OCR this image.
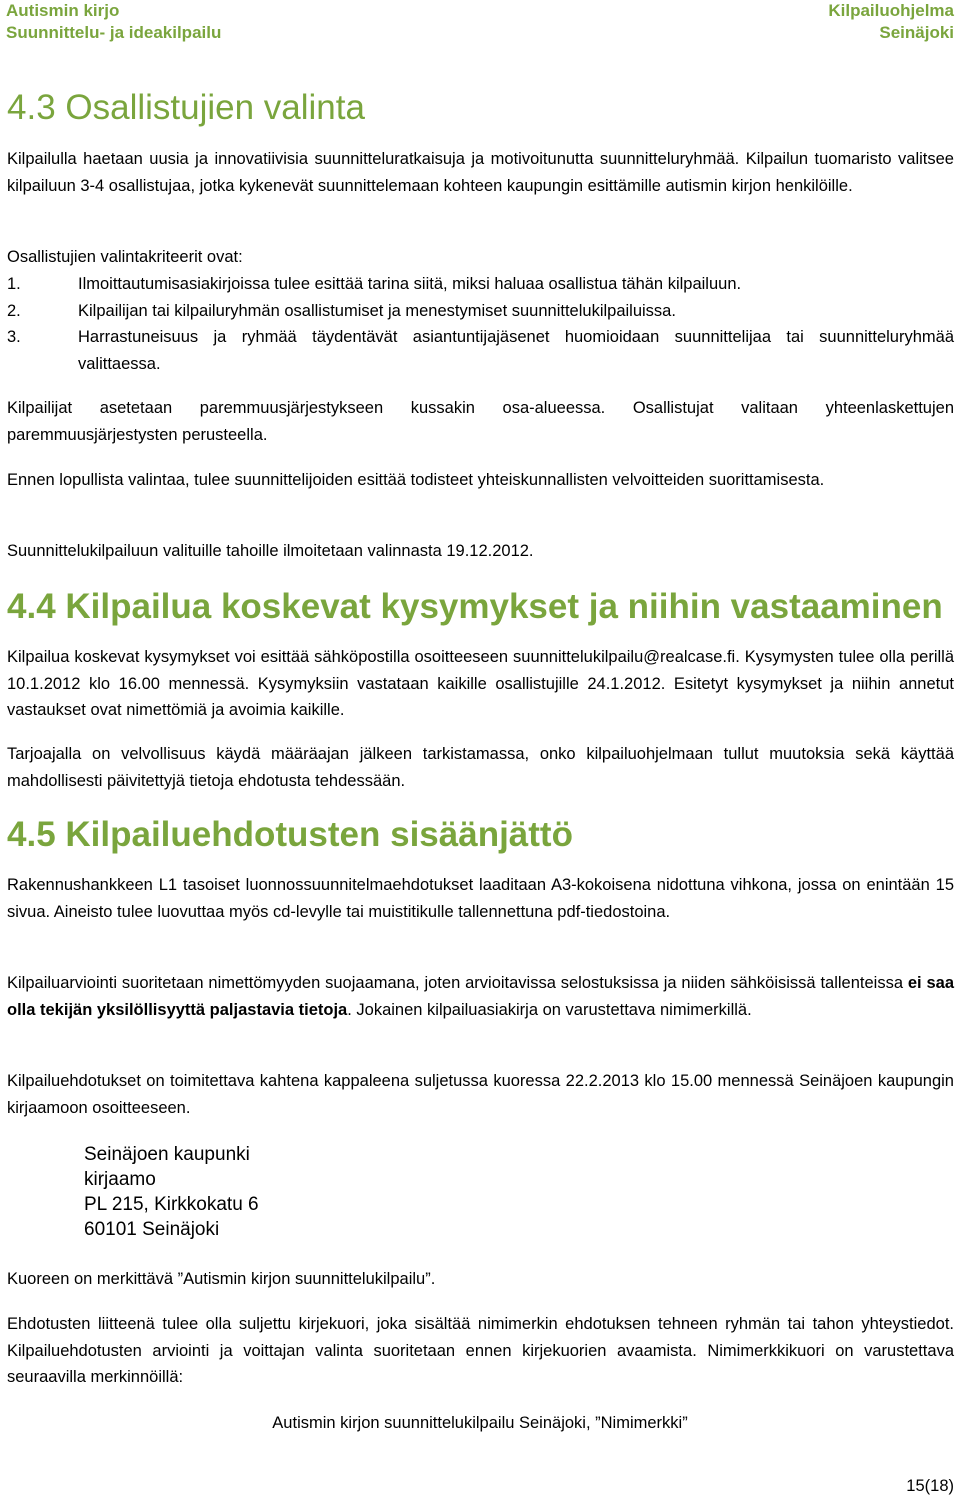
Autismin kirjo
Suunnittelu- ja ideakilpailu
Kilpailuohjelma
Seinäjoki
4.3 Osallistujien valinta
Kilpailulla haetaan uusia ja innovatiivisia suunnitteluratkaisuja ja motivoitunutta suunnitteluryhmää. Kilpailun tuomaristo valitsee kilpailuun 3-4 osallistujaa, jotka kykenevät suunnittelemaan kohteen kaupungin esittämille autismin kirjon henkilöille.
Osallistujien valintakriteerit ovat:
1.	Ilmoittautumisasiakirjoissa tulee esittää tarina siitä, miksi haluaa osallistua tähän kilpailuun.
2.	Kilpailijan tai kilpailuryhmän osallistumiset ja menestymiset suunnittelukilpailuissa.
3.	Harrastuneisuus ja ryhmää täydentävät asiantuntijajäsenet huomioidaan suunnittelijaa tai suunnitteluryhmää valittaessa.
Kilpailijat asetetaan paremmuusjärjestykseen kussakin osa-alueessa. Osallistujat valitaan yhteenlaskettujen paremmuusjärjestysten perusteella.
Ennen lopullista valintaa, tulee suunnittelijoiden esittää todisteet yhteiskunnallisten velvoitteiden suorittamisesta.
Suunnittelukilpailuun valituille tahoille ilmoitetaan valinnasta 19.12.2012.
4.4 Kilpailua koskevat kysymykset ja niihin vastaaminen
Kilpailua koskevat kysymykset voi esittää sähköpostilla osoitteeseen suunnittelukilpailu@realcase.fi. Kysymysten tulee olla perillä 10.1.2012 klo 16.00 mennessä. Kysymyksiin vastataan kaikille osallistujille 24.1.2012. Esitetyt kysymykset ja niihin annetut vastaukset ovat nimettömiä ja avoimia kaikille.
Tarjoajalla on velvollisuus käydä määräajan jälkeen tarkistamassa, onko kilpailuohjelmaan tullut muutoksia sekä käyttää mahdollisesti päivitettyjä tietoja ehdotusta tehdessään.
4.5 Kilpailuehdotusten sisäänjättö
Rakennushankkeen L1 tasoiset luonnossuunnitelmaehdotukset laaditaan A3-kokoisena nidottuna vihkona, jossa on enintään 15 sivua. Aineisto tulee luovuttaa myös cd-levylle tai muistitikulle tallennettuna pdf-tiedostoina.
Kilpailuarviointi suoritetaan nimettömyyden suojaamana, joten arvioitavissa selostuksissa ja niiden sähköisissä tallenteissa ei saa olla tekijän yksilöllisyyttä paljastavia tietoja. Jokainen kilpailuasiakirja on varustettava nimimerkillä.
Kilpailuehdotukset on toimitettava kahtena kappaleena suljetussa kuoressa 22.2.2013 klo 15.00 mennessä Seinäjoen kaupungin kirjaamoon osoitteeseen.
Seinäjoen kaupunki
kirjaamo
PL 215, Kirkkokatu 6
60101 Seinäjoki
Kuoreen on merkittävä ”Autismin kirjon suunnittelukilpailu”.
Ehdotusten liitteenä tulee olla suljettu kirjekuori, joka sisältää nimimerkin ehdotuksen tehneen ryhmän tai tahon yhteystiedot. Kilpailuehdotusten arviointi ja voittajan valinta suoritetaan ennen kirjekuorien avaamista. Nimimerkkikuori on varustettava seuraavilla merkinnöillä:
Autismin kirjon suunnittelukilpailu Seinäjoki, ”Nimimerkki”
15(18)
